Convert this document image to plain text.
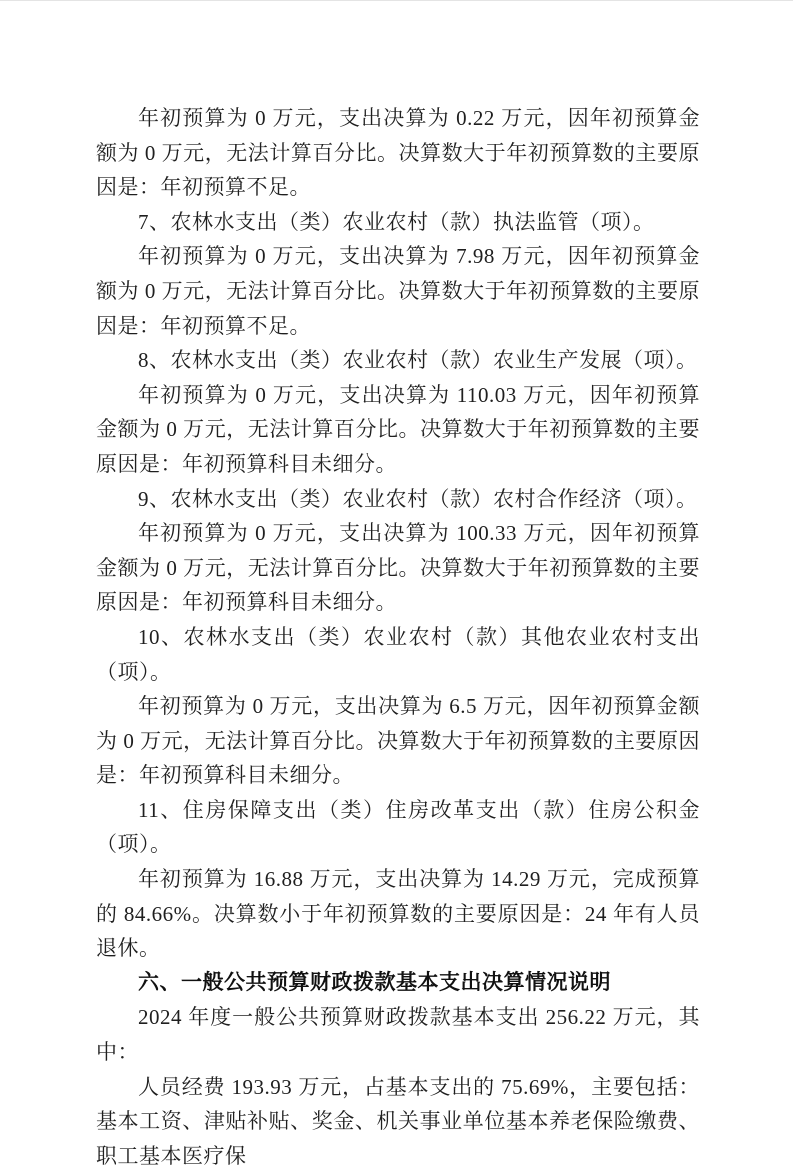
年初预算为 0 万元，支出决算为 0.22 万元，因年初预算金额为 0 万元，无法计算百分比。决算数大于年初预算数的主要原因是：年初预算不足。

7、农林水支出（类）农业农村（款）执法监管（项）。

年初预算为 0 万元，支出决算为 7.98 万元，因年初预算金额为 0 万元，无法计算百分比。决算数大于年初预算数的主要原因是：年初预算不足。

8、农林水支出（类）农业农村（款）农业生产发展（项）。

年初预算为 0 万元，支出决算为 110.03 万元，因年初预算金额为 0 万元，无法计算百分比。决算数大于年初预算数的主要原因是：年初预算科目未细分。

9、农林水支出（类）农业农村（款）农村合作经济（项）。

年初预算为 0 万元，支出决算为 100.33 万元，因年初预算金额为 0 万元，无法计算百分比。决算数大于年初预算数的主要原因是：年初预算科目未细分。

10、农林水支出（类）农业农村（款）其他农业农村支出（项）。

年初预算为 0 万元，支出决算为 6.5 万元，因年初预算金额为 0 万元，无法计算百分比。决算数大于年初预算数的主要原因是：年初预算科目未细分。

11、住房保障支出（类）住房改革支出（款）住房公积金（项）。

年初预算为 16.88 万元，支出决算为 14.29 万元，完成预算的 84.66%。决算数小于年初预算数的主要原因是：24 年有人员退休。

六、一般公共预算财政拨款基本支出决算情况说明

2024 年度一般公共预算财政拨款基本支出 256.22 万元，其中：

人员经费 193.93 万元，占基本支出的 75.69%，主要包括：基本工资、津贴补贴、奖金、机关事业单位基本养老保险缴费、职工基本医疗保
